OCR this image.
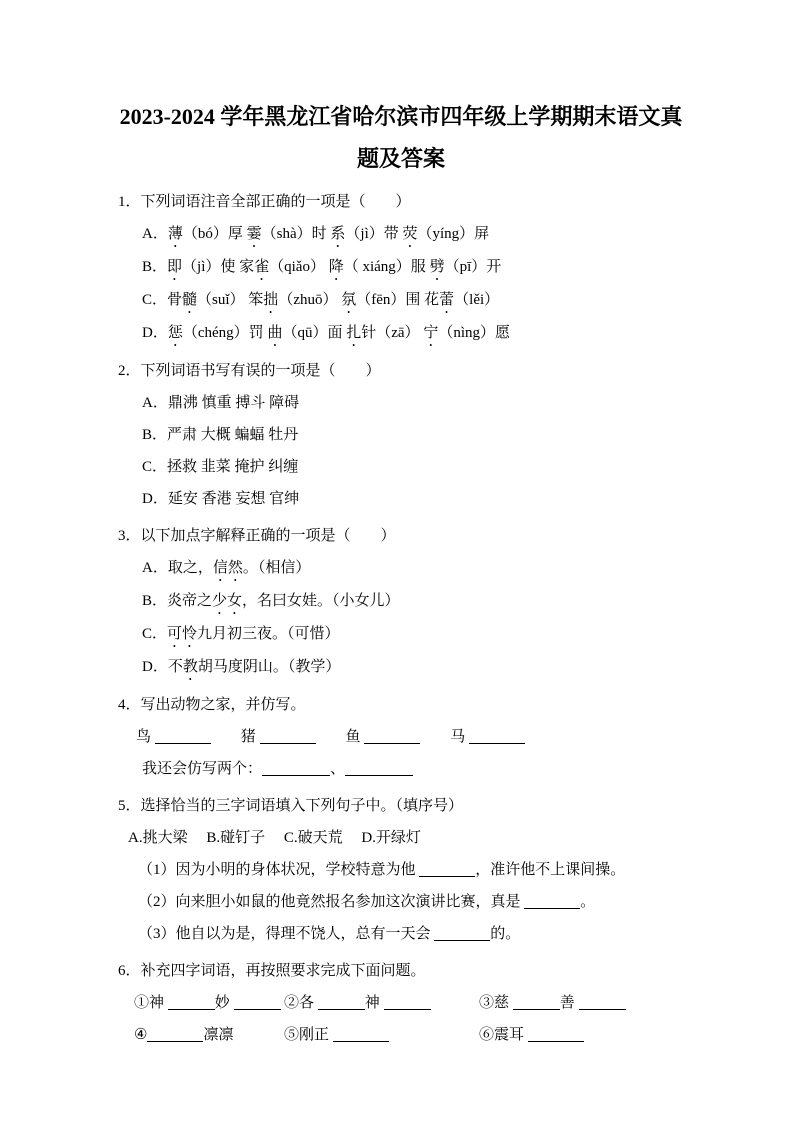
2023-2024 学年黑龙江省哈尔滨市四年级上学期期末语文真题及答案
1．下列词语注音全部正确的一项是（　　）
A．薄（bó）厚 霎（shà）时 系（jì）带 荧（yíng）屏
B．即（jì）使 家雀（qiǎo） 降（ xiáng）服 劈（pī）开
C．骨髓（suǐ） 笨拙（zhuō） 氛（fēn）围 花蕾（lěi）
D．惩（chéng）罚 曲（qū）面 扎针（zā） 宁（nìng）愿
2．下列词语书写有误的一项是（　　）
A．鼎沸 慎重 搏斗 障碍
B．严肃 大概 蝙蝠 牡丹
C．拯救 韭菜 掩护 纠缠
D．延安 香港 妄想 官绅
3．以下加点字解释正确的一项是（　　）
A．取之，信然。（相信）
B．炎帝之少女，名曰女娃。（小女儿）
C．可怜九月初三夜。（可惜）
D．不教胡马度阴山。（教学）
4．写出动物之家，并仿写。
鸟	　　猪	　　鱼	　　马
我还会仿写两个：	、
5．选择恰当的三字词语填入下列句子中。（填序号）
A.挑大梁　 B.碰钉子　 C.破天荒　 D.开绿灯
（1）因为小明的身体状况，学校特意为他	，准许他不上课间操。
（2）向来胆小如鼠的他竟然报名参加这次演讲比赛，真是	。
（3）他自以为是，得理不饶人，总有一天会	的。
6．补充四字词语，再按照要求完成下面问题。
①神	妙	②各	神	③慈	善
④	凛凛	⑤刚正	⑥震耳
